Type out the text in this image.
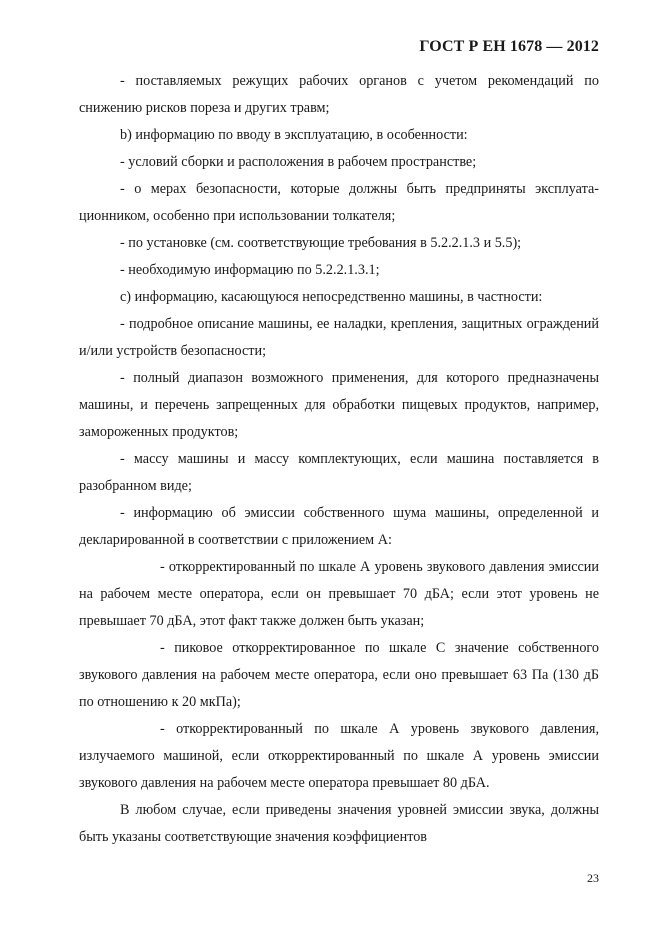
ГОСТ Р ЕН 1678 — 2012

- поставляемых режущих рабочих органов с учетом рекомендаций по снижению рисков пореза и других травм;

b) информацию по вводу в эксплуатацию, в особенности:

- условий сборки и расположения в рабочем пространстве;

- о мерах безопасности, которые должны быть предприняты эксплуата-ционником, особенно при использовании толкателя;

- по установке (см. соответствующие требования в 5.2.2.1.3 и 5.5);

- необходимую информацию по 5.2.2.1.3.1;

c) информацию, касающуюся непосредственно машины, в частности:

- подробное описание машины, ее наладки, крепления, защитных ограждений и/или устройств безопасности;

- полный диапазон возможного применения, для которого предназначены машины, и перечень запрещенных для обработки пищевых продуктов, например, замороженных продуктов;

- массу машины и массу комплектующих, если машина поставляется в разобранном виде;

- информацию об эмиссии собственного шума машины, определенной и декларированной в соответствии с приложением А:

- откорректированный по шкале А уровень звукового давления эмиссии на рабочем месте оператора, если он превышает 70 дБА; если этот уровень не превышает 70 дБА, этот факт также должен быть указан;

- пиковое откорректированное по шкале С значение собственного звукового давления на рабочем месте оператора, если оно превышает 63 Па (130 дБ по отношению к 20 мкПа);

- откорректированный по шкале А уровень звукового давления, излучаемого машиной, если откорректированный по шкале А уровень эмиссии звукового давления на рабочем месте оператора превышает 80 дБА.

В любом случае, если приведены значения уровней эмиссии звука, должны быть указаны соответствующие значения коэффициентов

23
